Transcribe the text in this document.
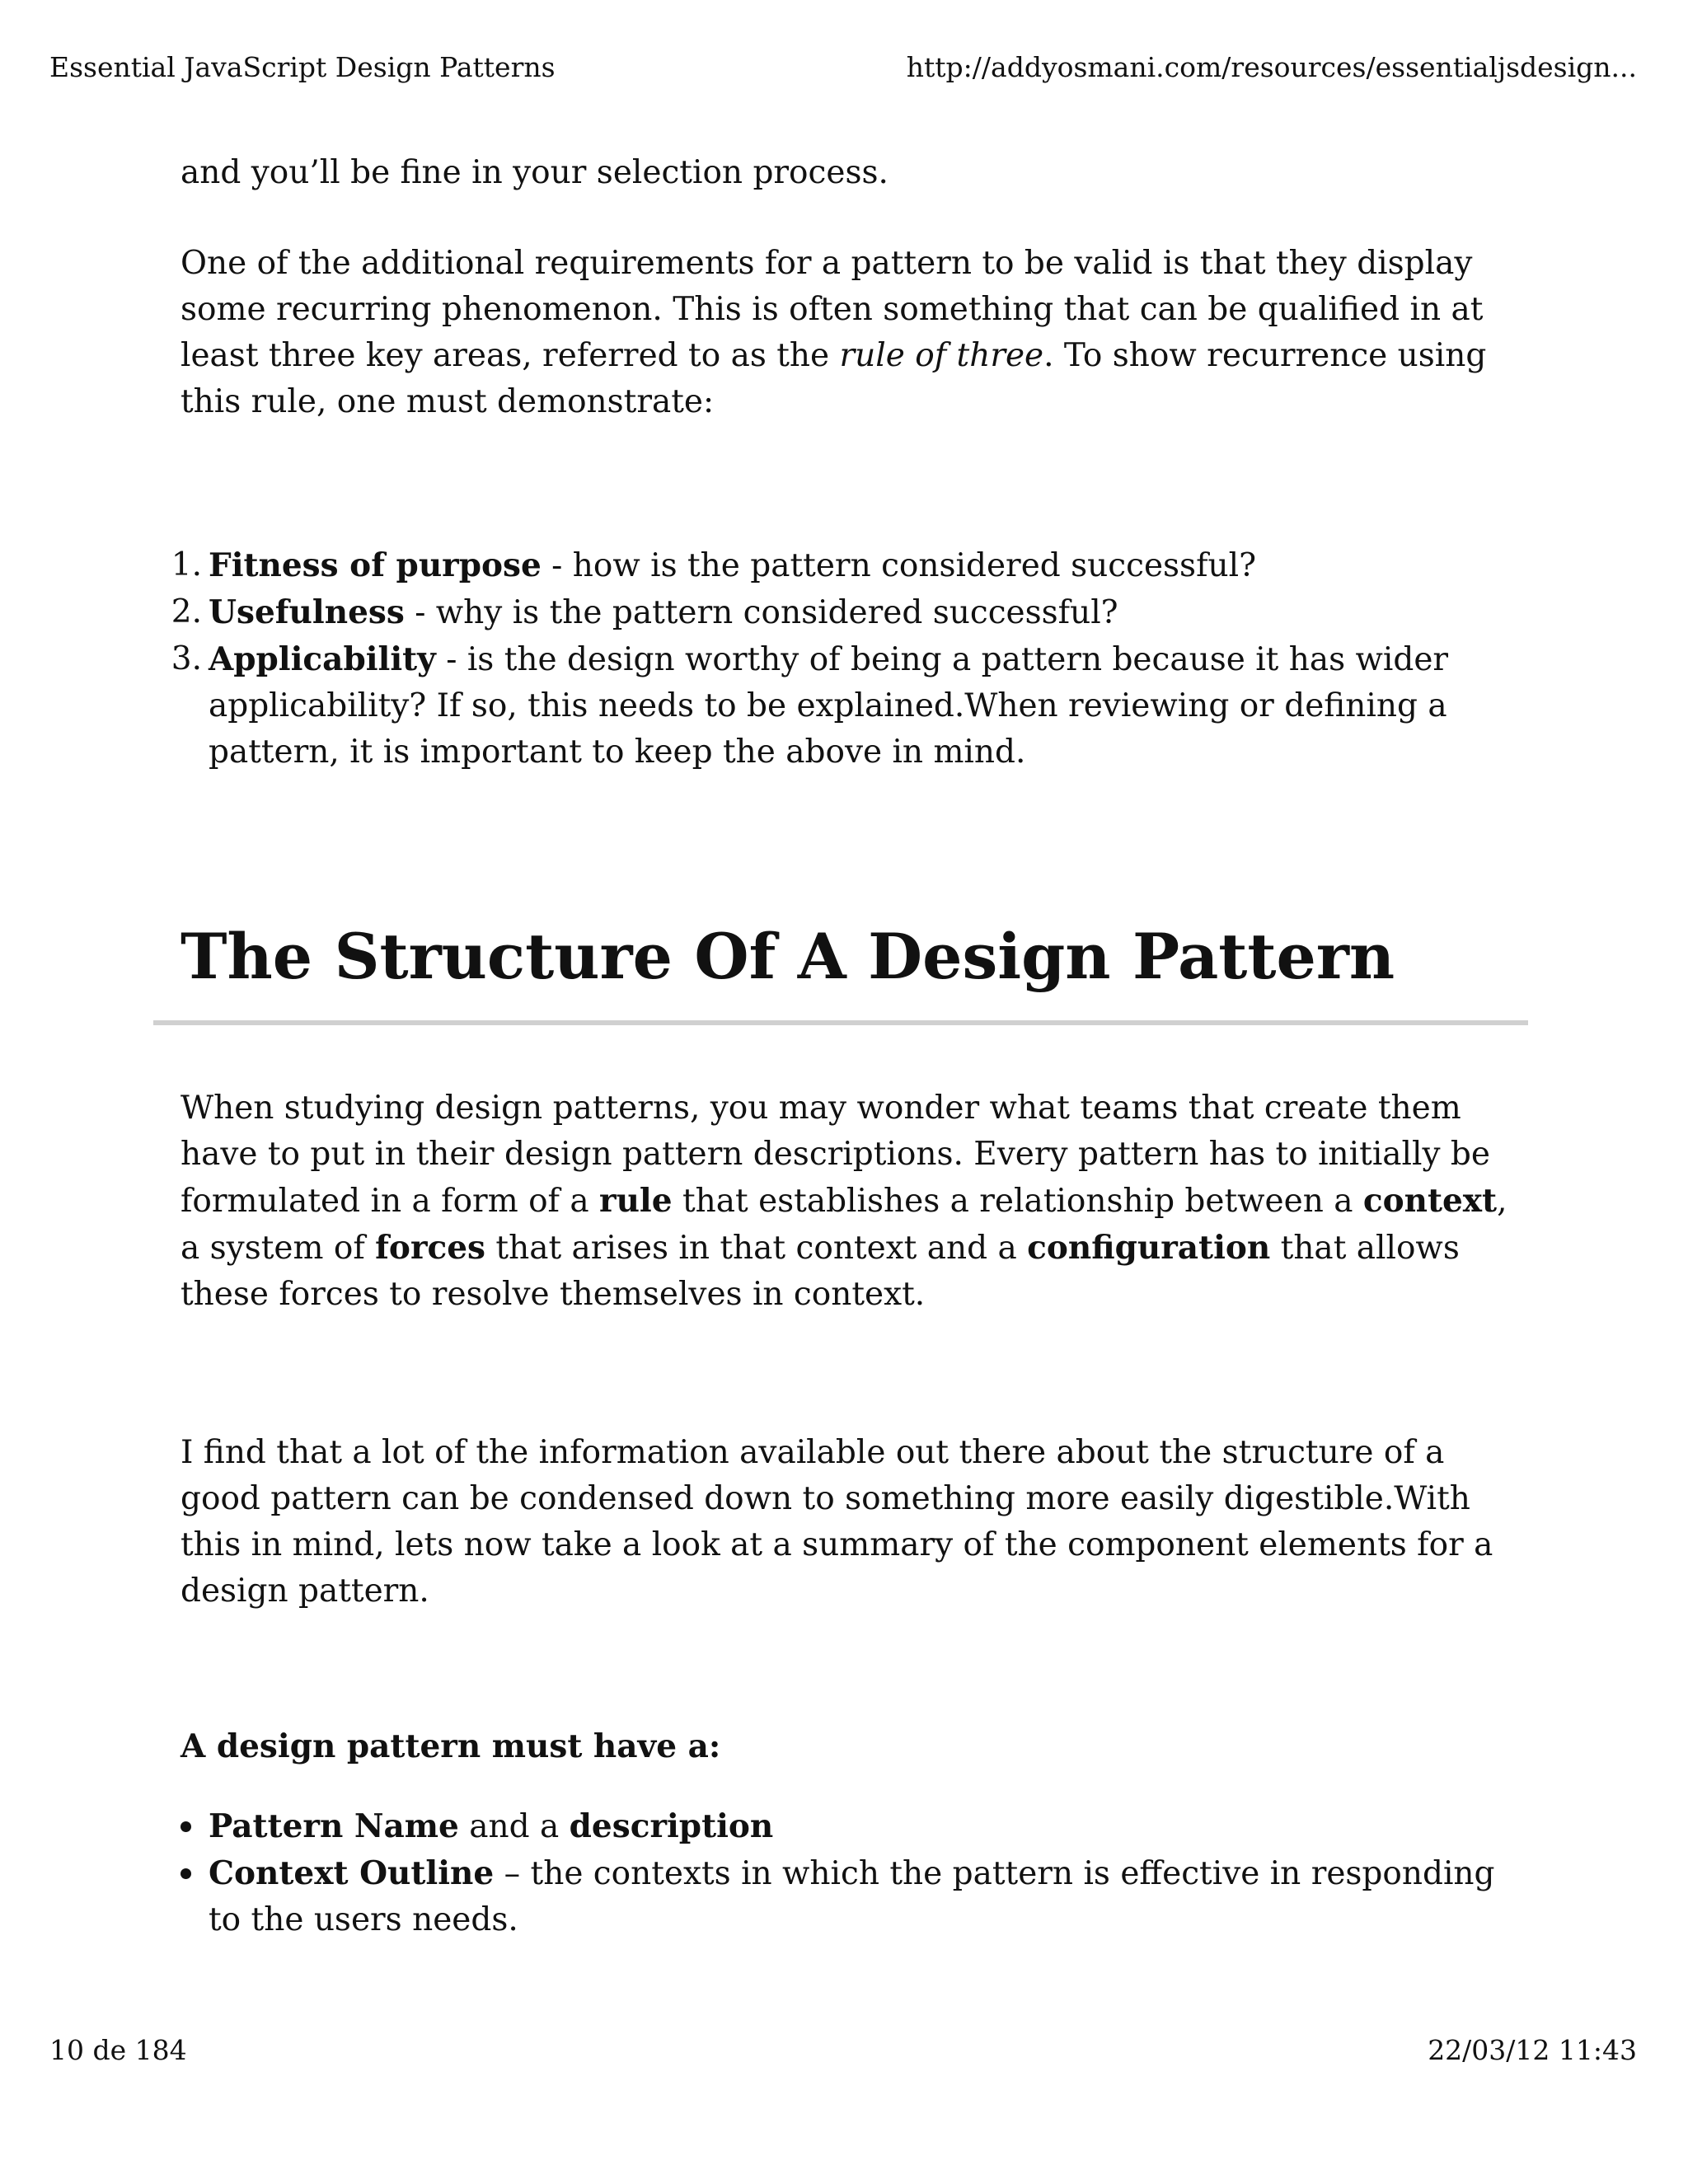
Essential JavaScript Design Patterns	http://addyosmani.com/resources/essentialjsdesign...

and you’ll be fine in your selection process.

One of the additional requirements for a pattern to be valid is that they display some recurring phenomenon. This is often something that can be qualified in at least three key areas, referred to as the rule of three. To show recurrence using this rule, one must demonstrate:

1. Fitness of purpose - how is the pattern considered successful?
2. Usefulness - why is the pattern considered successful?
3. Applicability - is the design worthy of being a pattern because it has wider applicability? If so, this needs to be explained.When reviewing or defining a pattern, it is important to keep the above in mind.
The Structure Of A Design Pattern

When studying design patterns, you may wonder what teams that create them have to put in their design pattern descriptions. Every pattern has to initially be formulated in a form of a rule that establishes a relationship between a context, a system of forces that arises in that context and a configuration that allows these forces to resolve themselves in context.

I find that a lot of the information available out there about the structure of a good pattern can be condensed down to something more easily digestible.With this in mind, lets now take a look at a summary of the component elements for a design pattern.

A design pattern must have a:

Pattern Name and a description
Context Outline – the contexts in which the pattern is effective in responding to the users needs.
10 de 184	22/03/12 11:43
